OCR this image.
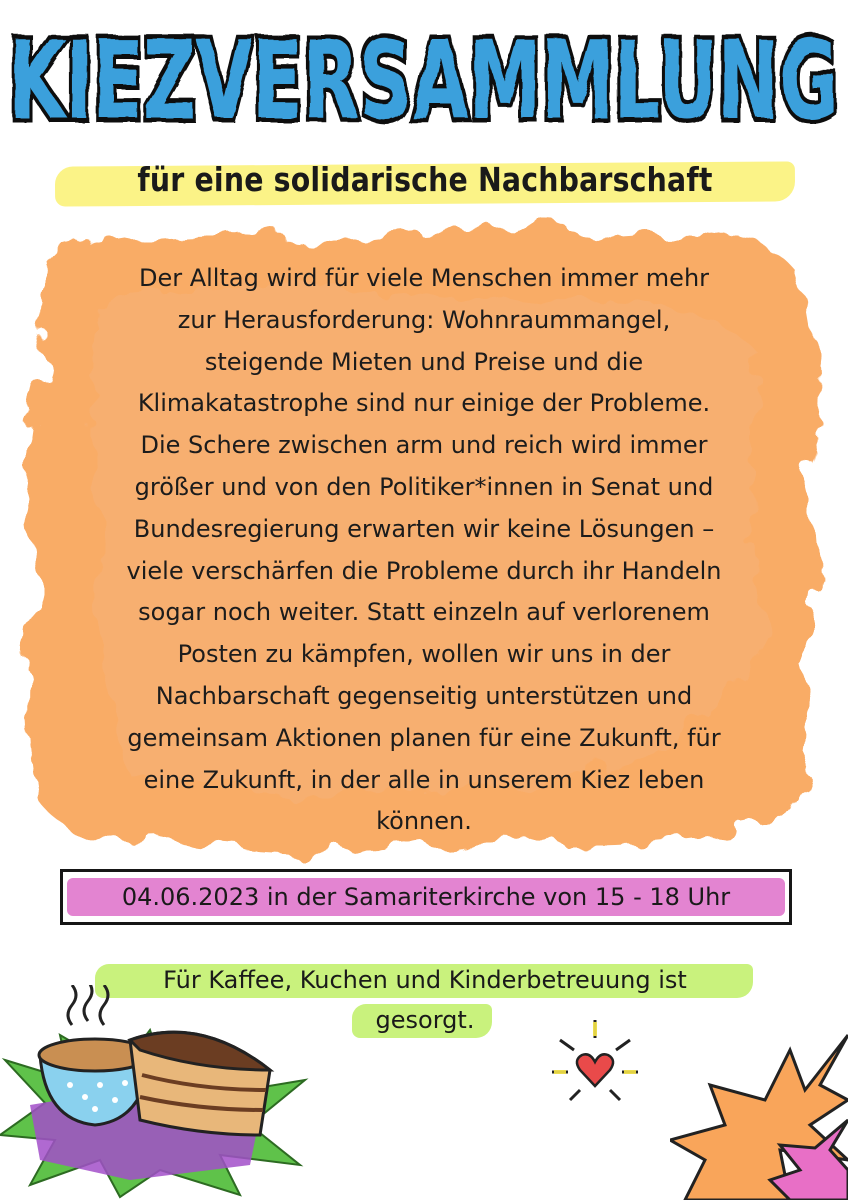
KIEZVERSAMMLUNG
für eine solidarische Nachbarschaft
Der Alltag wird für viele Menschen immer mehr
zur Herausforderung: Wohnraummangel,
steigende Mieten und Preise und die
Klimakatastrophe sind nur einige der Probleme.
Die Schere zwischen arm und reich wird immer
größer und von den Politiker*innen in Senat und
Bundesregierung erwarten wir keine Lösungen –
viele verschärfen die Probleme durch ihr Handeln
sogar noch weiter. Statt einzeln auf verlorenem
Posten zu kämpfen, wollen wir uns in der
Nachbarschaft gegenseitig unterstützen und
gemeinsam Aktionen planen für eine Zukunft, für
eine Zukunft, in der alle in unserem Kiez leben
können.
04.06.2023 in der Samariterkirche von 15 - 18 Uhr
Für Kaffee, Kuchen und Kinderbetreuung ist
gesorgt.
